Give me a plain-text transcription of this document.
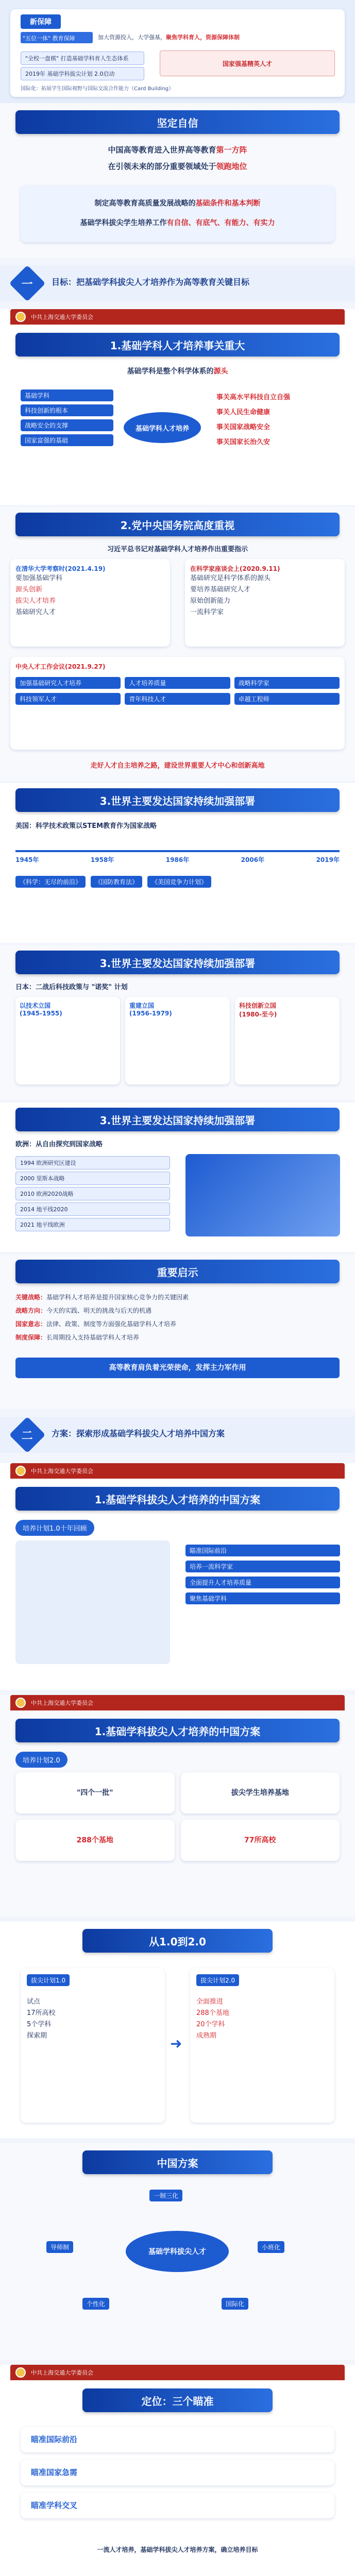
新保障
"五位一体" 教育保障	加大资源投入，大学强基，聚焦学科育人，资源保障体制
"全校一盘棋" 打造基础学科育人生态体系
2019年 基础学科拔尖计划 2.0启动
国家强基精英人才
国际化：拓展学生国际视野与国际交流合作能力（Card Building）
坚定自信
中国高等教育进入世界高等教育第一方阵
在引领未来的部分重要领域处于领跑地位
制定高等教育高质量发展战略的基础条件和基本判断
基础学科拔尖学生培养工作有自信、有底气、有能力、有实力
一 目标：把基础学科拔尖人才培养作为高等教育关键目标
中共上海交通大学委员会
1.基础学科人才培养事关重大
基础学科是整个科学体系的源头
基础学科
科技创新的根本
战略安全的支撑
国家富强的基础
基础学科人才培养
事关高水平科技自立自强
事关人民生命健康
事关国家战略安全
事关国家长治久安
2.党中央国务院高度重视
习近平总书记对基础学科人才培养作出重要指示
在清华大学考察时(2021.4.19)
要加强基础学科
源头创新
拔尖人才培养
基础研究人才
在科学家座谈会上(2020.9.11)
基础研究是科学体系的源头
要培养基础研究人才
原始创新能力
一流科学家
中央人才工作会议(2021.9.27)
加强基础研究人才培养	人才培养质量	战略科学家
科技领军人才	青年科技人才	卓越工程师
走好人才自主培养之路，建设世界重要人才中心和创新高地
3.世界主要发达国家持续加强部署
美国：科学技术政策以STEM教育作为国家战略
1945年	1958年	1986年	2006年	2019年
《科学：无尽的前沿》	《国防教育法》	《美国竞争力计划》
3.世界主要发达国家持续加强部署
日本：二战后科技政策与 "诺奖" 计划
以技术立国
(1945-1955)
重建立国
(1956-1979)
科技创新立国
(1980-至今)
3.世界主要发达国家持续加强部署
欧洲：从自由探究到国家战略
1994 欧洲研究区建设
2000 里斯本战略
2010 欧洲2020战略
2014 地平线2020
2021 地平线欧洲
重要启示
关键战略：基础学科人才培养是提升国家核心竞争力的关键因素
战略方向：今天的实践、明天的挑战与后天的机遇
国家意志：法律、政策、制度等方面强化基础学科人才培养
制度保障：长周期投入支持基础学科人才培养
高等教育肩负着光荣使命，发挥主力军作用
二 方案：探索形成基础学科拔尖人才培养中国方案
中共上海交通大学委员会
1.基础学科拔尖人才培养的中国方案
培养计划1.0十年回顾
瞄准国际前沿
培养一流科学家
全面提升人才培养质量
聚焦基础学科
中共上海交通大学委员会
1.基础学科拔尖人才培养的中国方案
培养计划2.0
"四个一批"	拔尖学生培养基地
288个基地	77所高校
从1.0到2.0
拔尖计划1.0
试点
17所高校
5个学科
探索期	➜
拔尖计划2.0
全面推进
288个基地
20个学科
成熟期
中国方案
基础学科拔尖人才
一制三化
导师制	小班化
个性化	国际化
中共上海交通大学委员会
定位：三个瞄准
瞄准国际前沿
瞄准国家急需
瞄准学科交叉
一流人才培养，基础学科拔尖人才培养方案，确立培养目标
